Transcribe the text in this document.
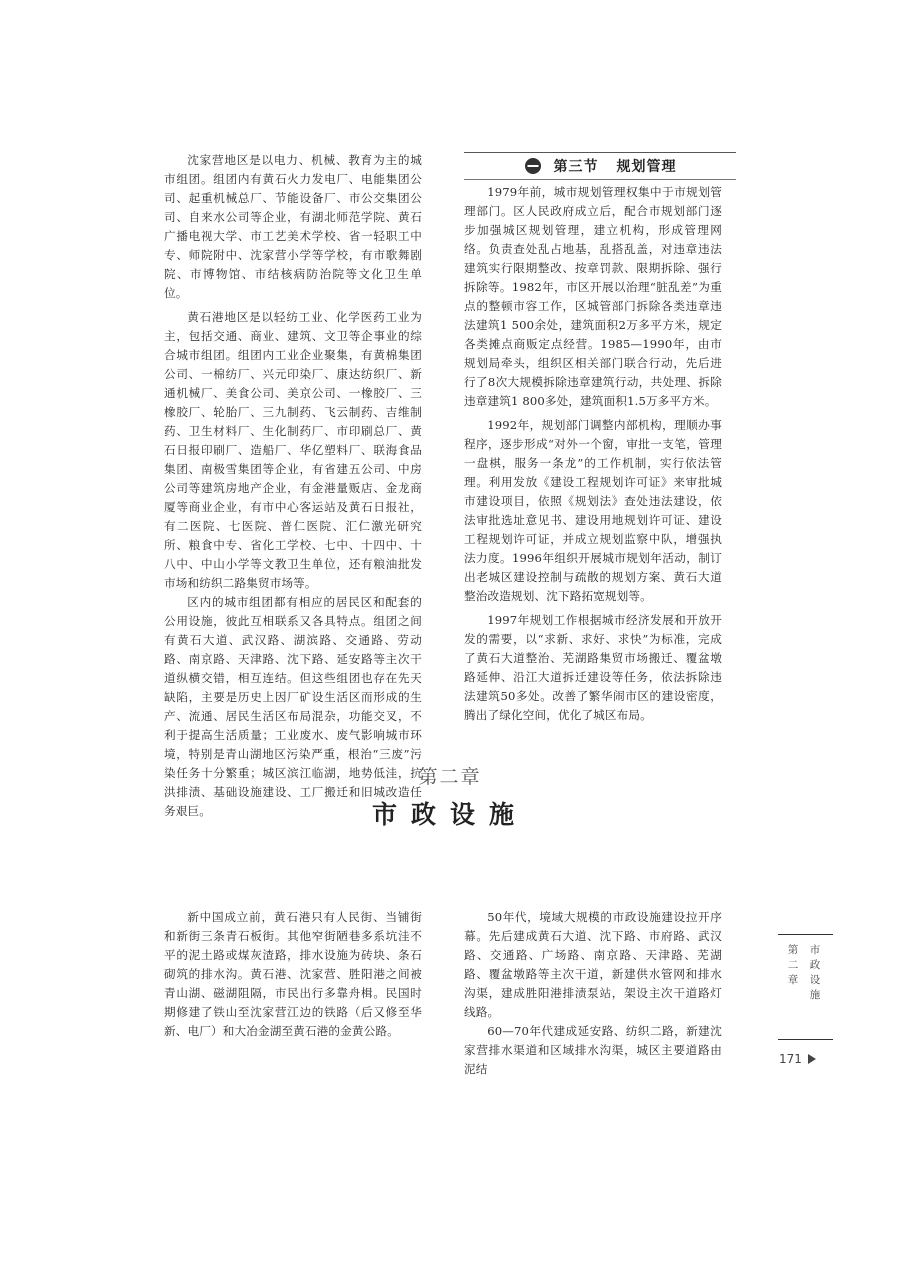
沈家营地区是以电力、机械、教育为主的城市组团。组团内有黄石火力发电厂、电能集团公司、起重机械总厂、节能设备厂、市公交集团公司、自来水公司等企业，有湖北师范学院、黄石广播电视大学、市工艺美术学校、省一轻职工中专、师院附中、沈家营小学等学校，有市歌舞剧院、市博物馆、市结核病防治院等文化卫生单位。

黄石港地区是以轻纺工业、化学医药工业为主，包括交通、商业、建筑、文卫等企事业的综合城市组团。组团内工业企业聚集，有黄棉集团公司、一棉纺厂、兴元印染厂、康达纺织厂、新通机械厂、美食公司、美京公司、一橡胶厂、三橡胶厂、轮胎厂、三九制药、飞云制药、吉维制药、卫生材料厂、生化制药厂、市印刷总厂、黄石日报印刷厂、造船厂、华亿塑料厂、联海食品集团、南极雪集团等企业，有省建五公司、中房公司等建筑房地产企业，有金港量贩店、金龙商厦等商业企业，有市中心客运站及黄石日报社，有二医院、七医院、普仁医院、汇仁激光研究所、粮食中专、省化工学校、七中、十四中、十八中、中山小学等文教卫生单位，还有粮油批发市场和纺织二路集贸市场等。

区内的城市组团都有相应的居民区和配套的公用设施，彼此互相联系又各具特点。组团之间有黄石大道、武汉路、湖滨路、交通路、劳动路、南京路、天津路、沈下路、延安路等主次干道纵横交错，相互连结。但这些组团也存在先天缺陷，主要是历史上因厂矿设生活区而形成的生产、流通、居民生活区布局混杂，功能交叉，不利于提高生活质量；工业废水、废气影响城市环境，特别是青山湖地区污染严重，根治“三废”污染任务十分繁重；城区滨江临湖，地势低洼，抗洪排渍、基础设施建设、工厂搬迁和旧城改造任务艰巨。

第三节 规划管理

1979年前，城市规划管理权集中于市规划管理部门。区人民政府成立后，配合市规划部门逐步加强城区规划管理，建立机构，形成管理网络。负责查处乱占地基，乱搭乱盖，对违章违法建筑实行限期整改、按章罚款、限期拆除、强行拆除等。1982年，市区开展以治理“脏乱差”为重点的整顿市容工作，区城管部门拆除各类违章违法建筑1 500余处，建筑面积2万多平方米，规定各类摊点商贩定点经营。1985—1990年，由市规划局牵头，组织区相关部门联合行动，先后进行了8次大规模拆除违章建筑行动，共处理、拆除违章建筑1 800多处，建筑面积1.5万多平方米。

1992年，规划部门调整内部机构，理顺办事程序，逐步形成“对外一个窗，审批一支笔，管理一盘棋，服务一条龙”的工作机制，实行依法管理。利用发放《建设工程规划许可证》来审批城市建设项目，依照《规划法》查处违法建设，依法审批选址意见书、建设用地规划许可证、建设工程规划许可证，并成立规划监察中队，增强执法力度。1996年组织开展城市规划年活动，制订出老城区建设控制与疏散的规划方案、黄石大道整治改造规划、沈下路拓宽规划等。

1997年规划工作根据城市经济发展和开放开发的需要，以“求新、求好、求快”为标准，完成了黄石大道整治、芜湖路集贸市场搬迁、覆盆墩路延伸、沿江大道拆迁建设等任务，依法拆除违法建筑50多处。改善了繁华闹市区的建设密度，腾出了绿化空间，优化了城区布局。

第二章
市政设施

新中国成立前，黄石港只有人民街、当铺街和新街三条青石板街。其他窄街陋巷多系坑洼不平的泥土路或煤灰渣路，排水设施为砖块、条石砌筑的排水沟。黄石港、沈家营、胜阳港之间被青山湖、磁湖阻隔，市民出行多靠舟楫。民国时期修建了铁山至沈家营江边的铁路（后又修至华新、电厂）和大冶金湖至黄石港的金黄公路。

50年代，境域大规模的市政设施建设拉开序幕。先后建成黄石大道、沈下路、市府路、武汉路、交通路、广场路、南京路、天津路、芜湖路、覆盆墩路等主次干道，新建供水管网和排水沟渠，建成胜阳港排渍泵站，架设主次干道路灯线路。

60—70年代建成延安路、纺织二路，新建沈家营排水渠道和区域排水沟渠，城区主要道路由泥结

第二章
市政设施
171
